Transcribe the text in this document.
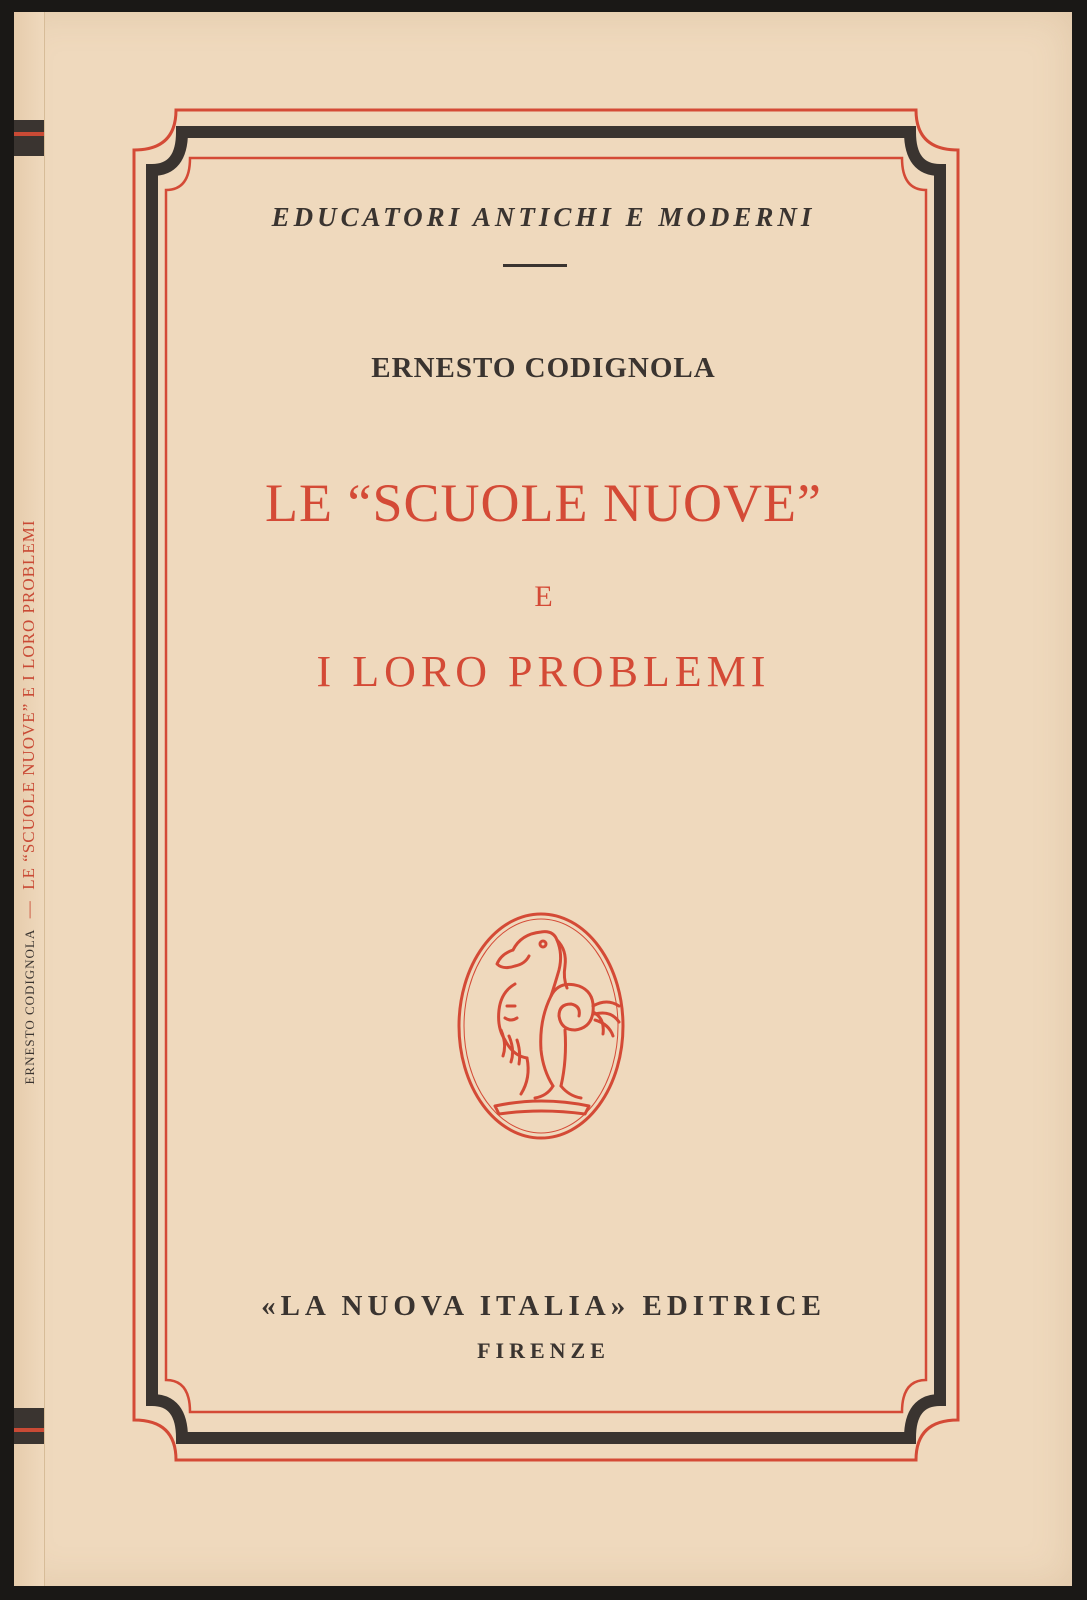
ERNESTO CODIGNOLA  —  LE “SCUOLE NUOVE” E I LORO PROBLEMI
EDUCATORI ANTICHI E MODERNI
ERNESTO CODIGNOLA
LE “SCUOLE NUOVE”
E
I LORO PROBLEMI
«LA NUOVA ITALIA» EDITRICE
FIRENZE
